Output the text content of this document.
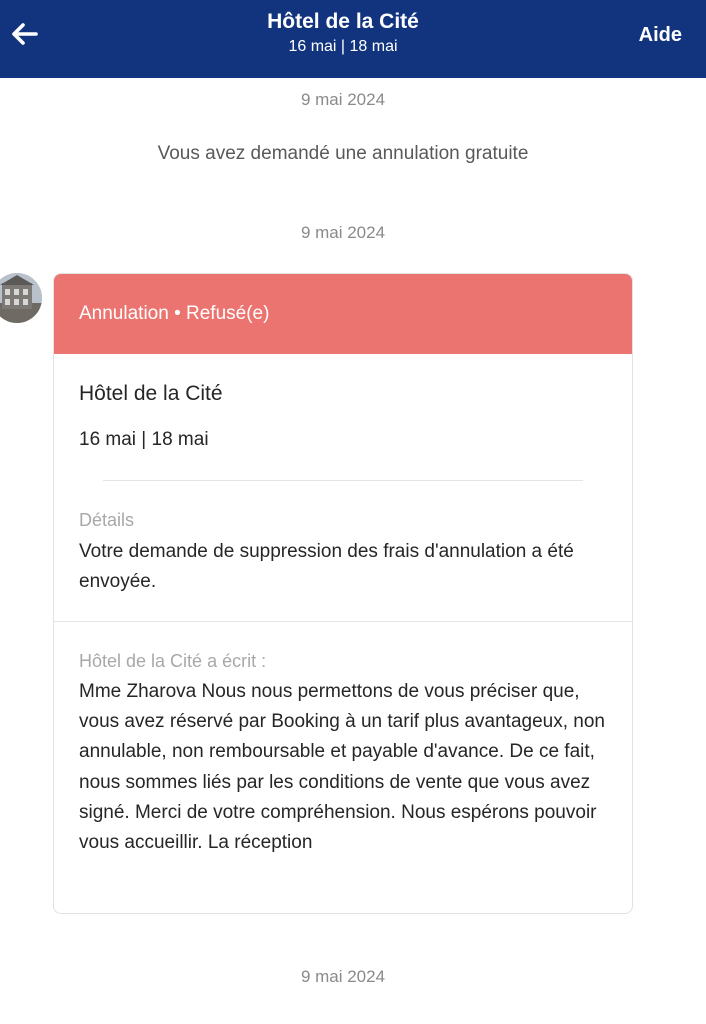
Hôtel de la Cité
16 mai | 18 mai
Aide
9 mai 2024
Vous avez demandé une annulation gratuite
9 mai 2024
Annulation • Refusé(e)
Hôtel de la Cité
16 mai | 18 mai
Détails
Votre demande de suppression des frais d'annulation a été envoyée.
Hôtel de la Cité a écrit :
Mme Zharova Nous nous permettons de vous préciser que, vous avez réservé par Booking à un tarif plus avantageux, non annulable, non remboursable et payable d'avance. De ce fait, nous sommes liés par les conditions de vente que vous avez signé. Merci de votre compréhension. Nous espérons pouvoir vous accueillir. La réception
9 mai 2024
